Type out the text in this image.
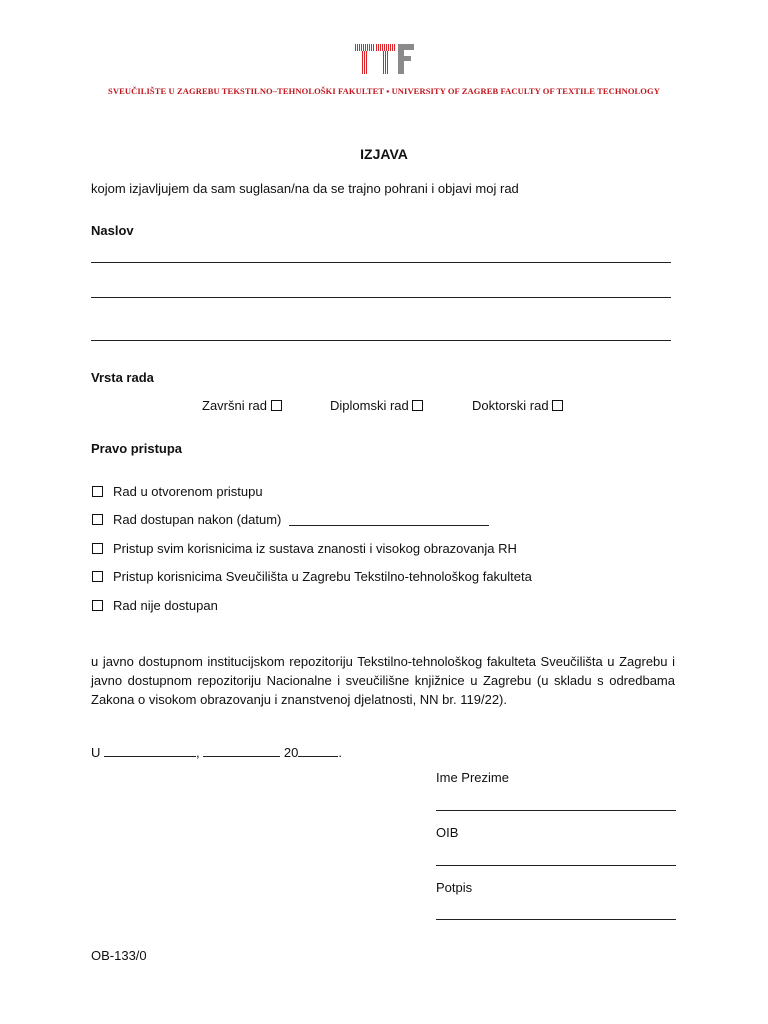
SVEUČILIŠTE U ZAGREBU TEKSTILNO–TEHNOLOŠKI FAKULTET ▪ UNIVERSITY OF ZAGREB FACULTY OF TEXTILE TECHNOLOGY
IZJAVA
kojom izjavljujem da sam suglasan/na da se trajno pohrani i objavi moj rad
Naslov
Vrsta rada
Završni rad	Diplomski rad	Doktorski rad
Pravo pristupa
Rad u otvorenom pristupu
Rad dostupan nakon (datum)
Pristup svim korisnicima iz sustava znanosti i visokog obrazovanja RH
Pristup korisnicima Sveučilišta u Zagrebu Tekstilno-tehnološkog fakulteta
Rad nije dostupan
u javno dostupnom institucijskom repozitoriju Tekstilno-tehnološkog fakulteta Sveučilišta u Zagrebu i javno dostupnom repozitoriju Nacionalne i sveučilišne knjižnice u Zagrebu (u skladu s odredbama Zakona o visokom obrazovanju i znanstvenoj djelatnosti, NN br. 119/22).
U	,	20	.
Ime Prezime
OIB
Potpis
OB-133/0
